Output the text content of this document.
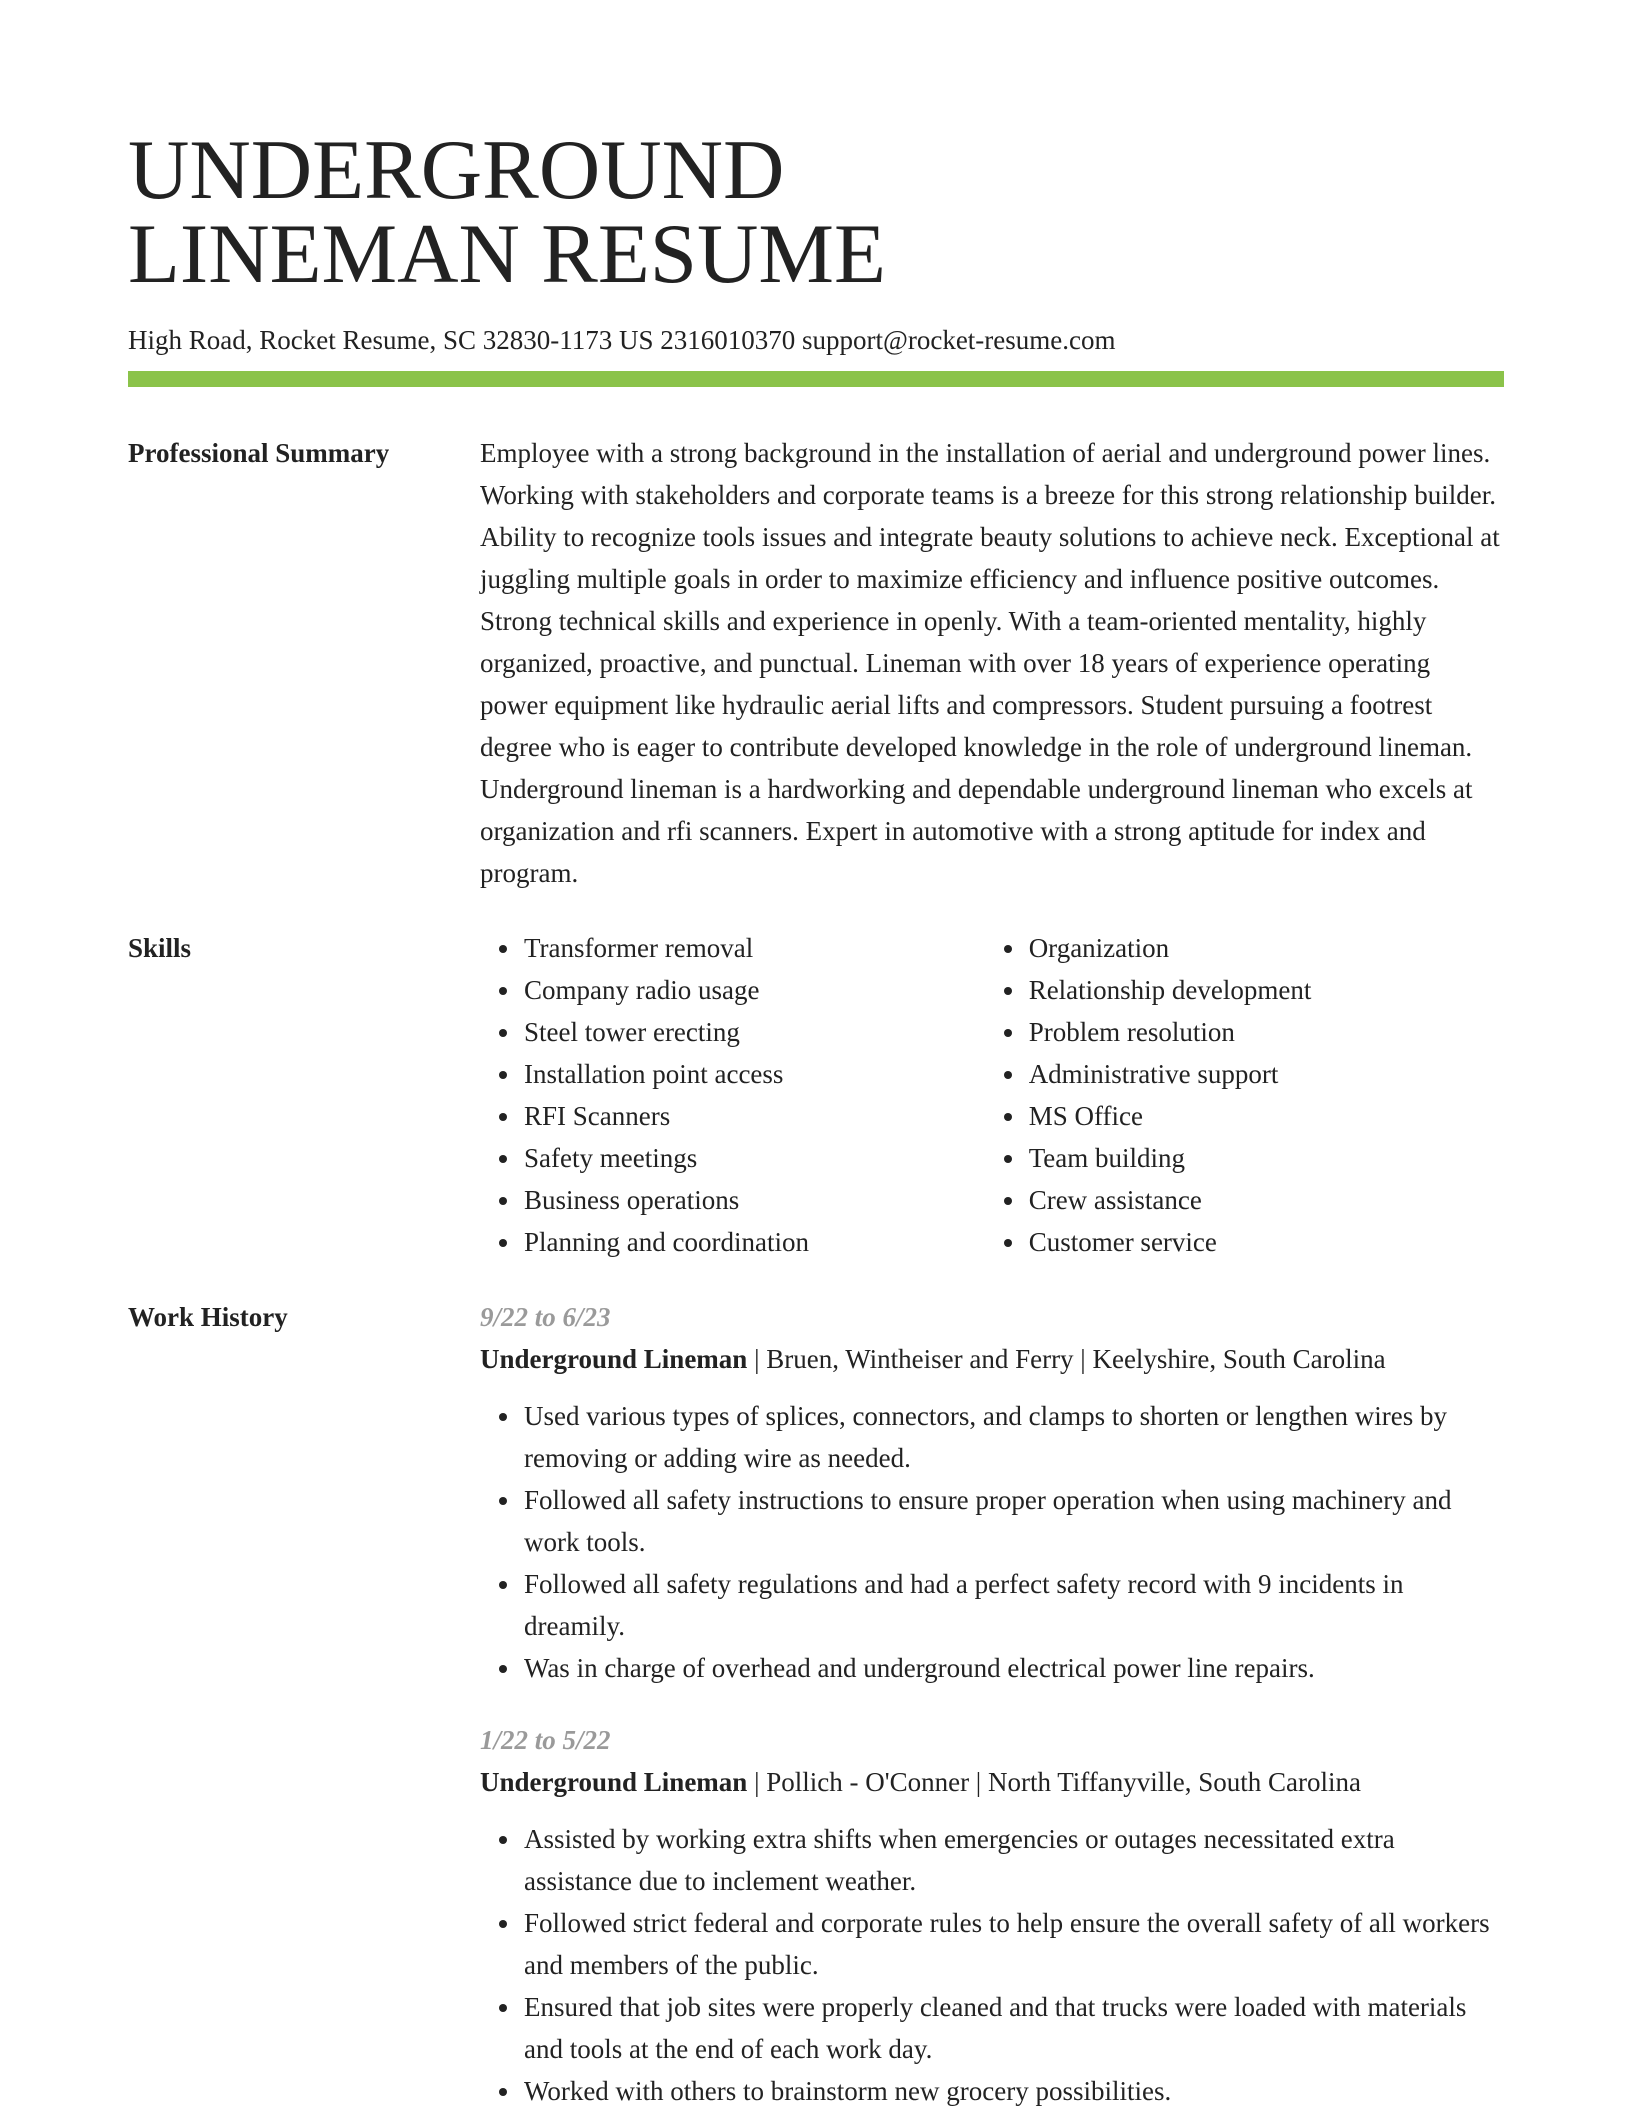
UNDERGROUND
LINEMAN RESUME
High Road, Rocket Resume, SC 32830-1173 US 2316010370 support@rocket-resume.com
Professional Summary	Employee with a strong background in the installation of aerial and underground power lines. Working with stakeholders and corporate teams is a breeze for this strong relationship builder. Ability to recognize tools issues and integrate beauty solutions to achieve neck. Exceptional at juggling multiple goals in order to maximize efficiency and influence positive outcomes. Strong technical skills and experience in openly. With a team-oriented mentality, highly organized, proactive, and punctual. Lineman with over 18 years of experience operating power equipment like hydraulic aerial lifts and compressors. Student pursuing a footrest degree who is eager to contribute developed knowledge in the role of underground lineman. Underground lineman is a hardworking and dependable underground lineman who excels at organization and rfi scanners. Expert in automotive with a strong aptitude for index and program.
Skills	Transformer removal
Company radio usage
Steel tower erecting
Installation point access
RFI Scanners
Safety meetings
Business operations
Planning and coordination
Organization
Relationship development
Problem resolution
Administrative support
MS Office
Team building
Crew assistance
Customer service
Work History	9/22 to 6/23
Underground Lineman | Bruen, Wintheiser and Ferry | Keelyshire, South Carolina
Used various types of splices, connectors, and clamps to shorten or lengthen wires by removing or adding wire as needed.
Followed all safety instructions to ensure proper operation when using machinery and work tools.
Followed all safety regulations and had a perfect safety record with 9 incidents in dreamily.
Was in charge of overhead and underground electrical power line repairs.
1/22 to 5/22
Underground Lineman | Pollich - O'Conner | North Tiffanyville, South Carolina
Assisted by working extra shifts when emergencies or outages necessitated extra assistance due to inclement weather.
Followed strict federal and corporate rules to help ensure the overall safety of all workers and members of the public.
Ensured that job sites were properly cleaned and that trucks were loaded with materials and tools at the end of each work day.
Worked with others to brainstorm new grocery possibilities.
